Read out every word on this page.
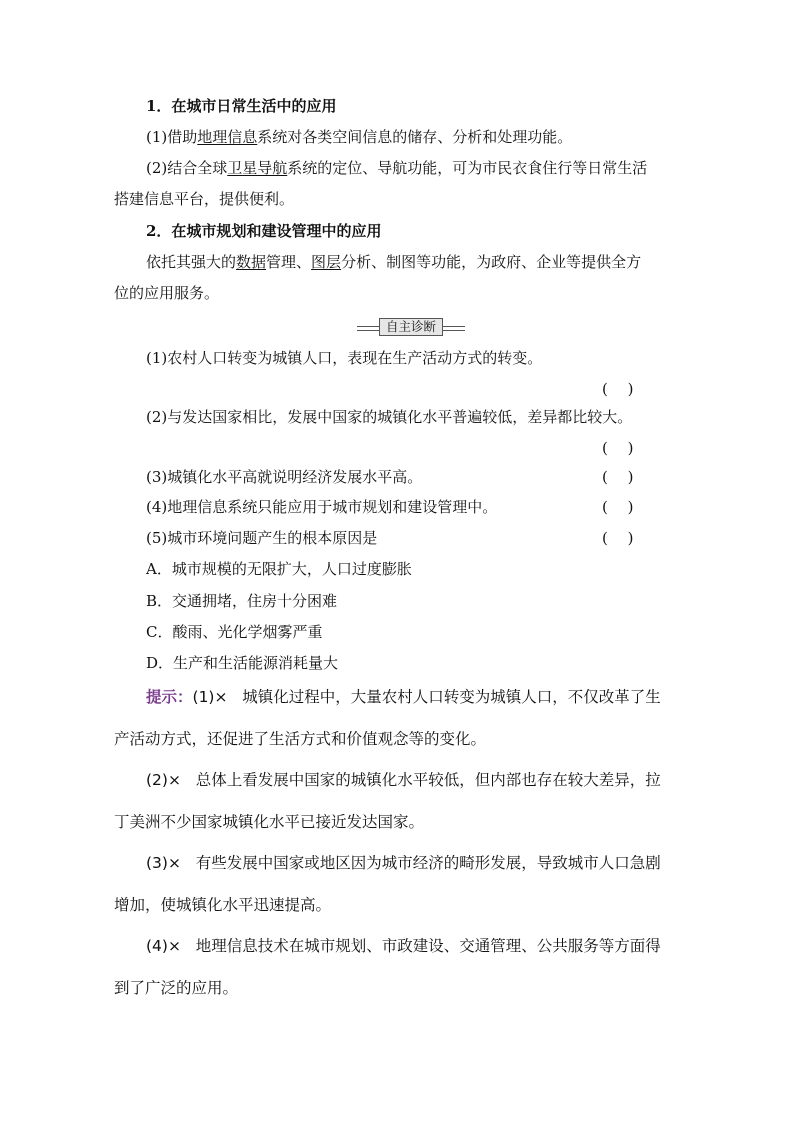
1．在城市日常生活中的应用
(1)借助地理信息系统对各类空间信息的储存、分析和处理功能。
(2)结合全球卫星导航系统的定位、导航功能，可为市民衣食住行等日常生活
搭建信息平台，提供便利。
2．在城市规划和建设管理中的应用
依托其强大的数据管理、图层分析、制图等功能，为政府、企业等提供全方
位的应用服务。
自主诊断
(1)农村人口转变为城镇人口，表现在生产活动方式的转变。
(　 )
(2)与发达国家相比，发展中国家的城镇化水平普遍较低，差异都比较大。
(　 )
(3)城镇化水平高就说明经济发展水平高。	(　 )
(4)地理信息系统只能应用于城市规划和建设管理中。	(　 )
(5)城市环境问题产生的根本原因是	(　 )
A．城市规模的无限扩大，人口过度膨胀
B．交通拥堵，住房十分困难
C．酸雨、光化学烟雾严重
D．生产和生活能源消耗量大
提示：(1)× 城镇化过程中，大量农村人口转变为城镇人口，不仅改革了生
产活动方式，还促进了生活方式和价值观念等的变化。
(2)× 总体上看发展中国家的城镇化水平较低，但内部也存在较大差异，拉
丁美洲不少国家城镇化水平已接近发达国家。
(3)× 有些发展中国家或地区因为城市经济的畸形发展，导致城市人口急剧
增加，使城镇化水平迅速提高。
(4)× 地理信息技术在城市规划、市政建设、交通管理、公共服务等方面得
到了广泛的应用。
